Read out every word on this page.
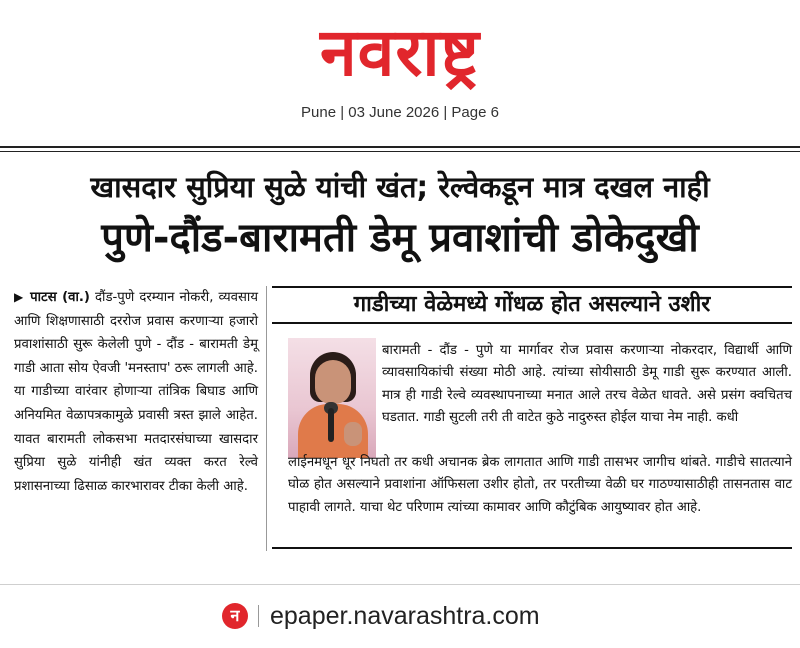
नवराष्ट्र
Pune | 03 June 2026 | Page 6
खासदार सुप्रिया सुळे यांची खंत; रेल्वेकडून मात्र दखल नाही
पुणे-दौंड-बारामती डेमू प्रवाशांची डोकेदुखी
▶ पाटस (वा.) दौंड-पुणे दरम्यान नोकरी, व्यवसाय आणि शिक्षणासाठी दररोज प्रवास करणाऱ्या हजारो प्रवाशांसाठी सुरू केलेली पुणे - दौंड - बारामती डेमू गाडी आता सोय ऐवजी 'मनस्ताप' ठरू लागली आहे. या गाडीच्या वारंवार होणाऱ्या तांत्रिक बिघाड आणि अनियमित वेळापत्रकामुळे प्रवासी त्रस्त झाले आहेत. यावत बारामती लोकसभा मतदारसंघाच्या खासदार सुप्रिया सुळे यांनीही खंत व्यक्त करत रेल्वे प्रशासनाच्या ढिसाळ कारभारावर टीका केली आहे.
गाडीच्या वेळेमध्ये गोंधळ होत असल्याने उशीर
बारामती - दौंड - पुणे या मार्गावर रोज प्रवास करणाऱ्या नोकरदार, विद्यार्थी आणि व्यावसायिकांची संख्या मोठी आहे. त्यांच्या सोयीसाठी डेमू गाडी सुरू करण्यात आली. मात्र ही गाडी रेल्वे व्यवस्थापनाच्या मनात आले तरच वेळेत धावते. असे प्रसंग क्वचितच घडतात. गाडी सुटली तरी ती वाटेत कुठे नादुरुस्त होईल याचा नेम नाही. कधी
लाईनमधून धूर निघतो तर कधी अचानक ब्रेक लागतात आणि गाडी तासभर जागीच थांबते. गाडीचे सातत्याने घोळ होत असल्याने प्रवाशांना ऑफिसला उशीर होतो, तर परतीच्या वेळी घर गाठण्यासाठीही तासनतास वाट पाहावी लागते. याचा थेट परिणाम त्यांच्या कामावर आणि कौटुंबिक आयुष्यावर होत आहे.
न	epaper.navarashtra.com
